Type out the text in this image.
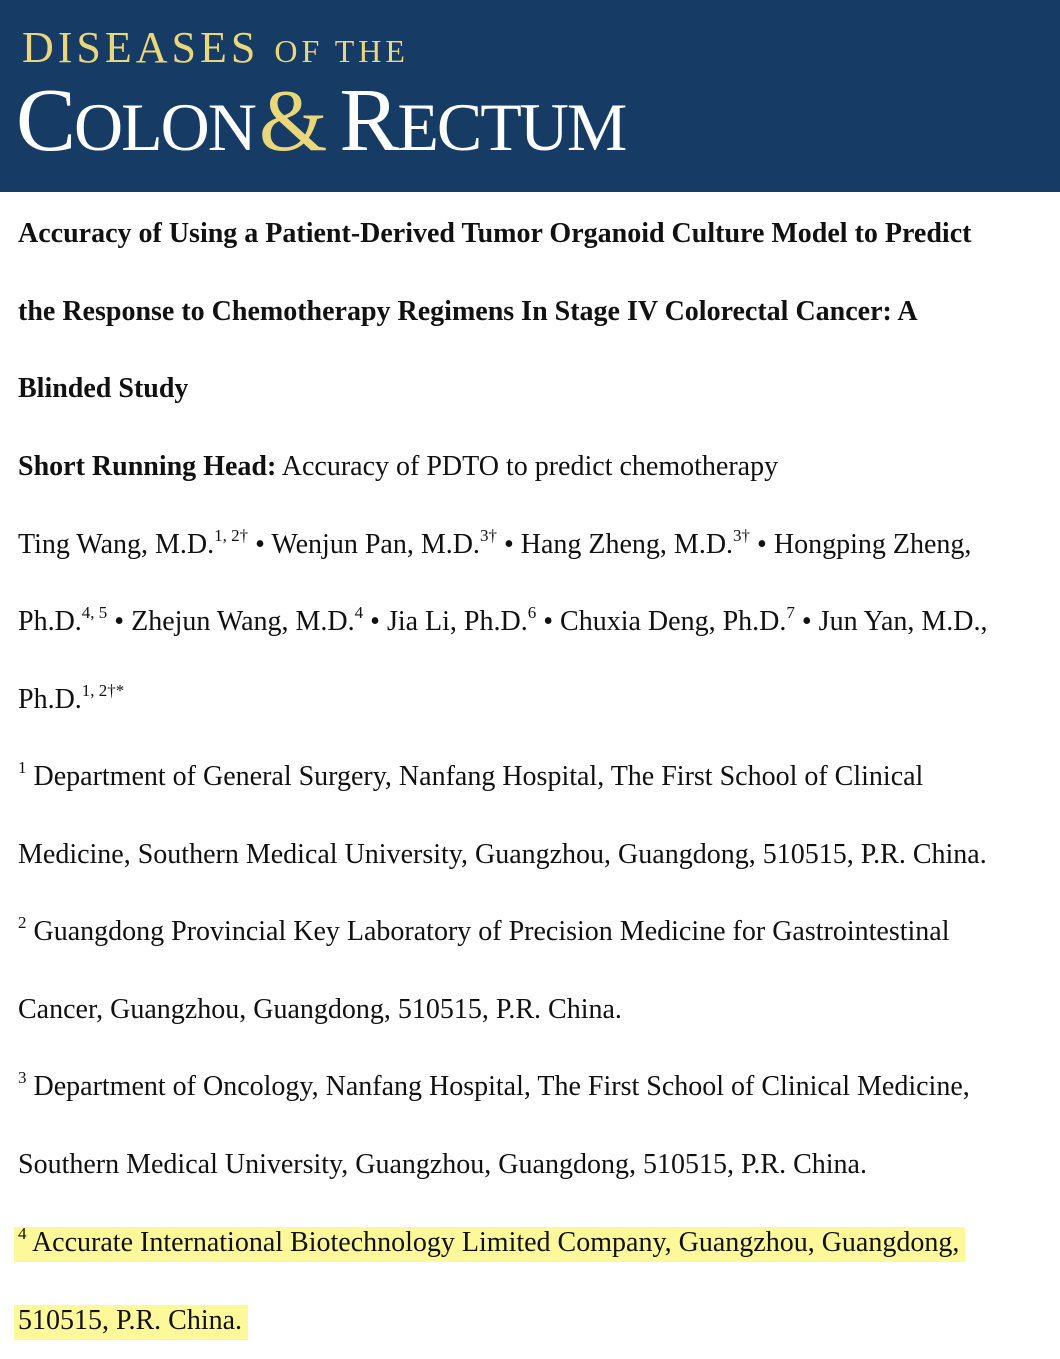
DISEASES OF THE
COLON& RECTUM
Accuracy of Using a Patient-Derived Tumor Organoid Culture Model to Predict
the Response to Chemotherapy Regimens In Stage IV Colorectal Cancer: A
Blinded Study
Short Running Head: Accuracy of PDTO to predict chemotherapy
Ting Wang, M.D.$^{1, 2\dagger}$ • Wenjun Pan, M.D.$^{3\dagger}$ • Hang Zheng, M.D.$^{3\dagger}$ • Hongping Zheng,
Ph.D.$^{4, 5}$ • Zhejun Wang, M.D.$^4$ • Jia Li, Ph.D.$^6$ • Chuxia Deng, Ph.D.$^7$ • Jun Yan, M.D.,
Ph.D.$^{1, 2\dagger*}$
$^1$ Department of General Surgery, Nanfang Hospital, The First School of Clinical
Medicine, Southern Medical University, Guangzhou, Guangdong, 510515, P.R. China.
$^2$ Guangdong Provincial Key Laboratory of Precision Medicine for Gastrointestinal
Cancer, Guangzhou, Guangdong, 510515, P.R. China.
$^3$ Department of Oncology, Nanfang Hospital, The First School of Clinical Medicine,
Southern Medical University, Guangzhou, Guangdong, 510515, P.R. China.
$^4$ Accurate International Biotechnology Limited Company, Guangzhou, Guangdong,
510515, P.R. China.
